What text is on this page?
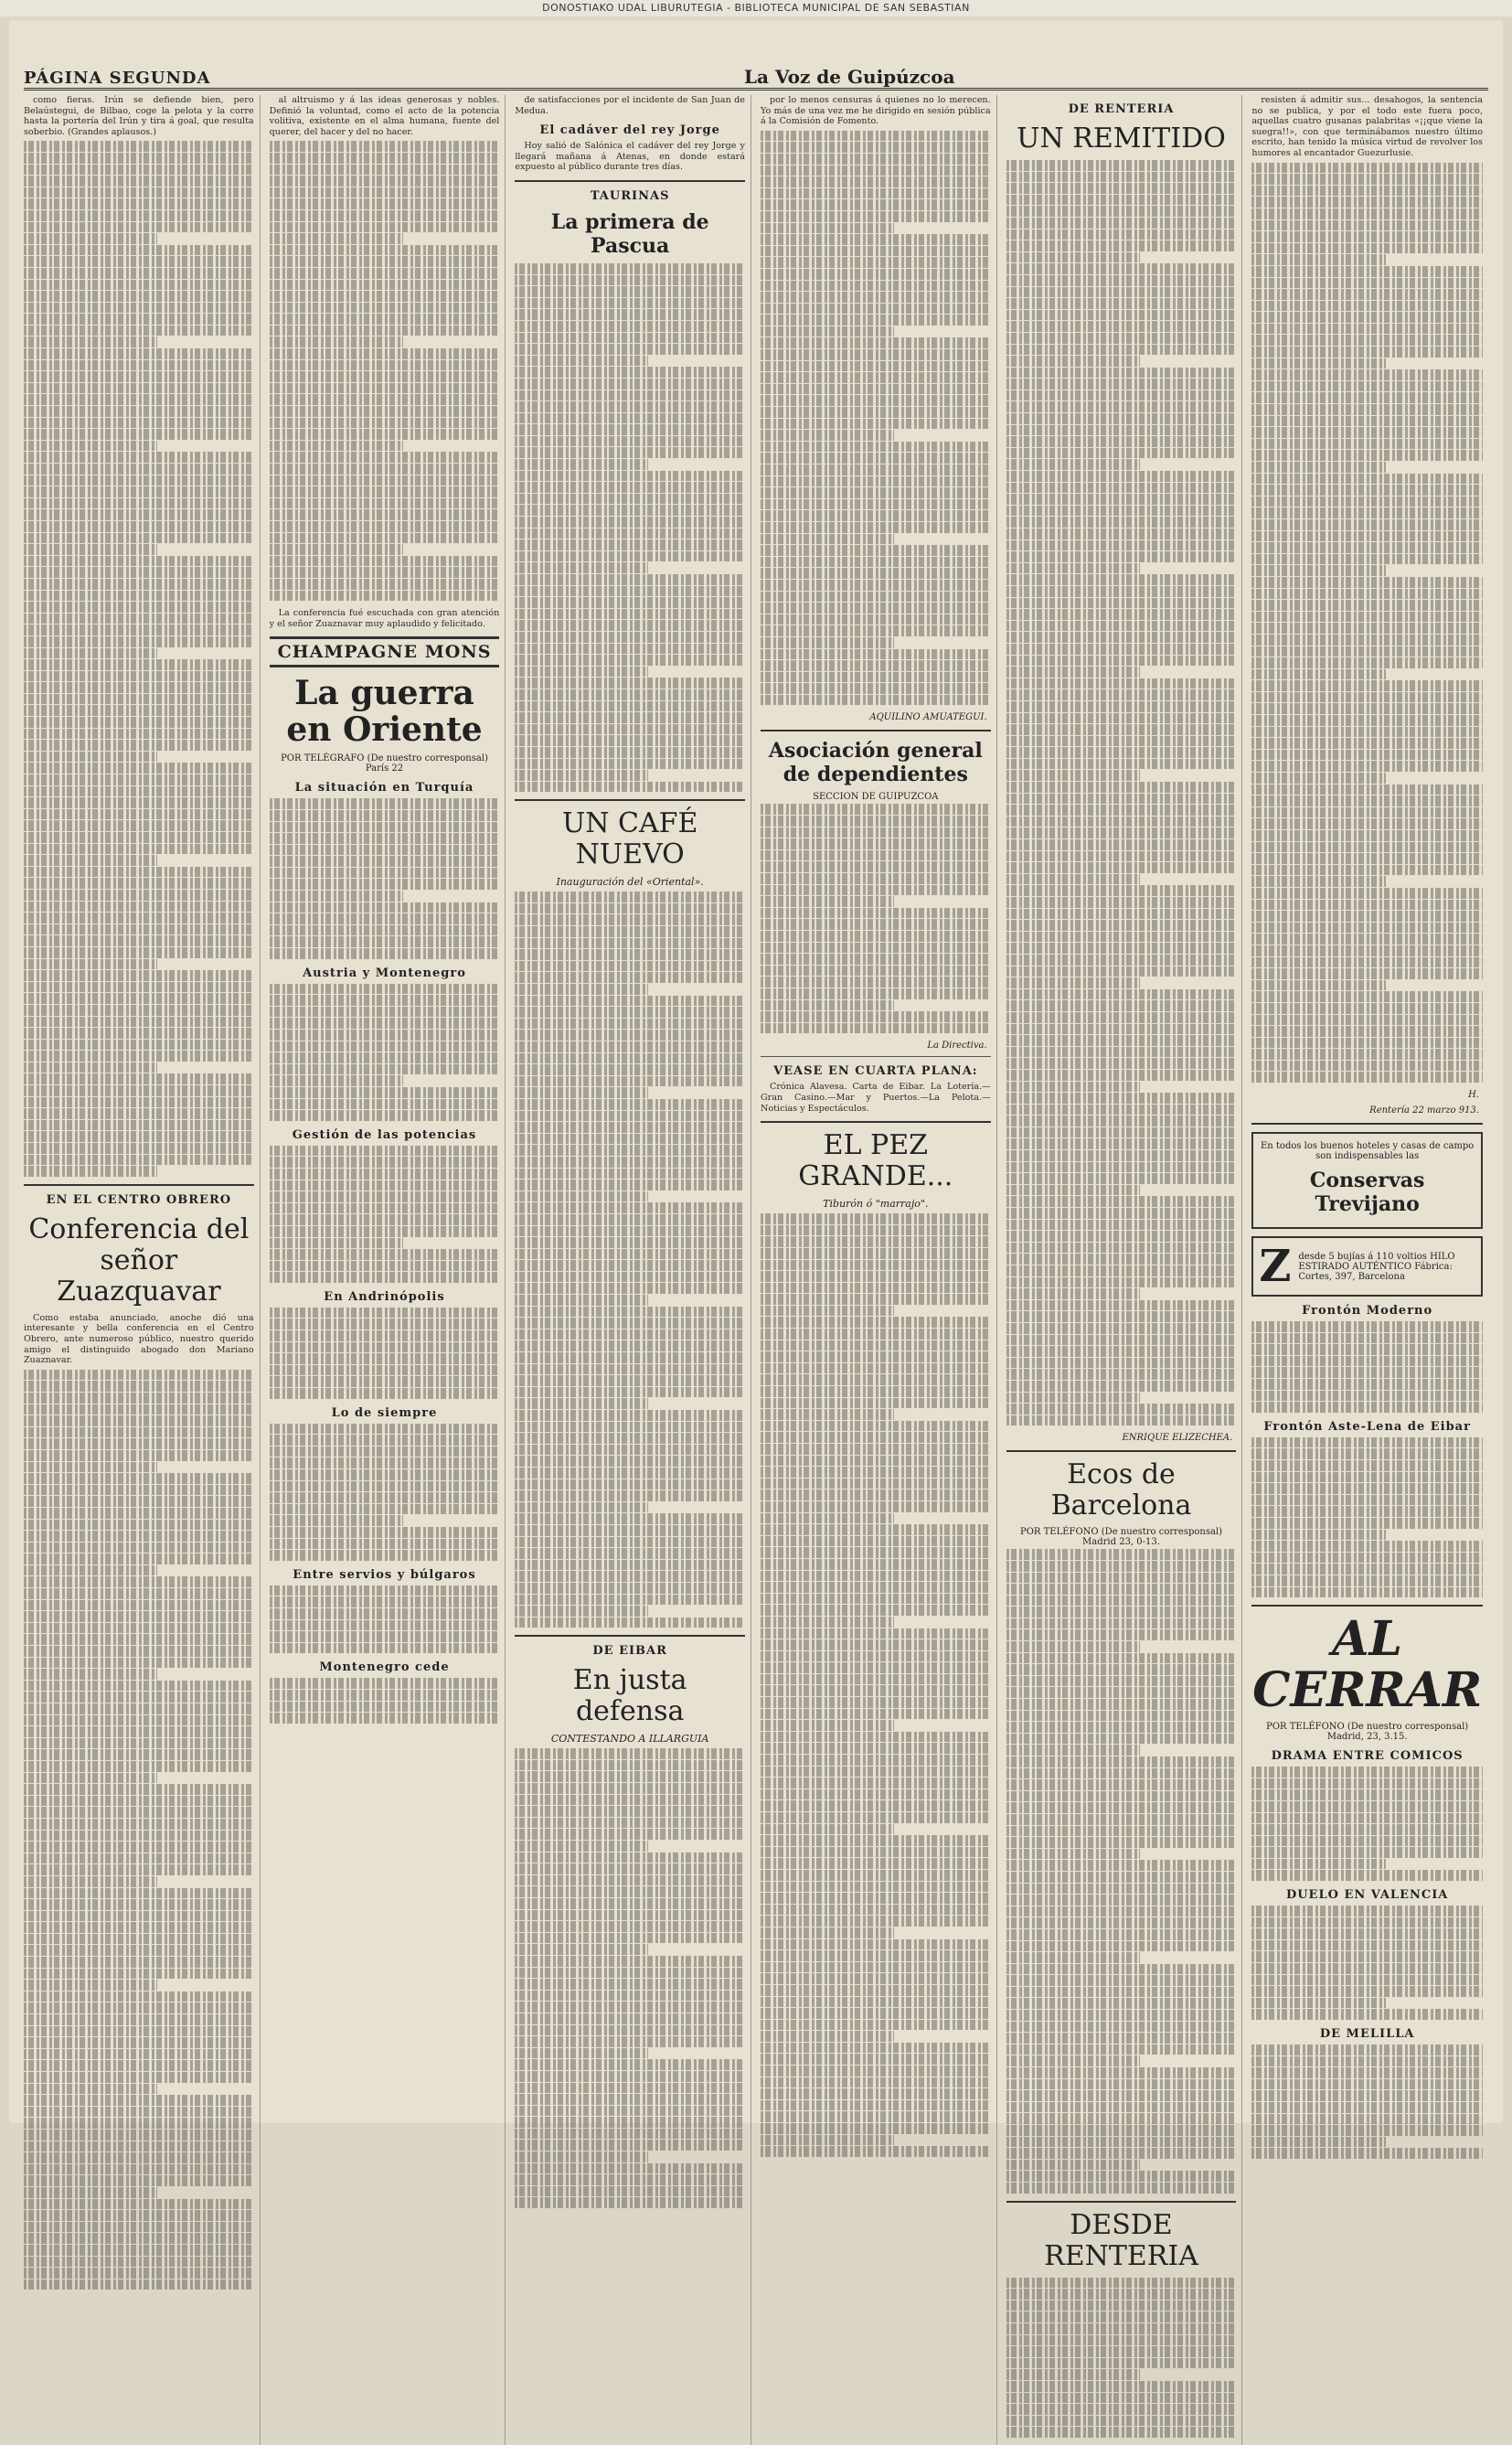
DONOSTIAKO UDAL LIBURUTEGIA - BIBLIOTECA MUNICIPAL DE SAN SEBASTIAN
PÁGINA SEGUNDA	La Voz de Guipúzcoa

como fieras. Irún se defiende bien, pero Belaústegui, de Bilbao, coge la pelota y la corre hasta la portería del Irún y tira á goal, que resulta soberbio. (Grandes aplausos.)

EN EL CENTRO OBRERO
Conferencia del señor Zuazquavar

Como estaba anunciado, anoche dió una interesante y bella conferencia en el Centro Obrero, ante numeroso público, nuestro querido amigo el distinguido abogado don Mariano Zuaznavar.

al altruismo y á las ideas generosas y nobles. Definió la voluntad, como el acto de la potencia volitiva, existente en el alma humana, fuente del querer, del hacer y del no hacer.

La conferencia fué escuchada con gran atención y el señor Zuaznavar muy aplaudido y felicitado.

CHAMPAGNE MONS
La guerra en Oriente
POR TELÉGRAFO (De nuestro corresponsal) París 22
La situación en Turquía
Austria y Montenegro
Gestión de las potencias
En Andrinópolis
Lo de siempre
Entre servios y búlgaros
Montenegro cede

de satisfacciones por el incidente de San Juan de Medua.

El cadáver del rey Jorge

Hoy salió de Salónica el cadáver del rey Jorge y llegará mañana á Atenas, en donde estará expuesto al público durante tres días.

TAURINAS
La primera de Pascua
UN CAFÉ NUEVO
Inauguración del «Oriental».
DE EIBAR
En justa defensa
CONTESTANDO A ILLARGUIA

por lo menos censuras á quienes no lo merecen. Yo más de una vez me he dirigido en sesión pública á la Comisión de Fomento.

AQUILINO AMUATEGUI.
Asociación general de dependientes
SECCION DE GUIPUZCOA
La Directiva.
VEASE EN CUARTA PLANA:

Crónica Alavesa. Carta de Eibar. La Lotería.—Gran Casino.—Mar y Puertos.—La Pelota.—Noticias y Espectáculos.

EL PEZ GRANDE...
Tiburón ó "marrajo".
DE RENTERIA
UN REMITIDO
ENRIQUE ELIZECHEA.
Ecos de Barcelona
POR TELÉFONO (De nuestro corresponsal) Madrid 23, 0-13.
DESDE RENTERIA

resisten á admitir sus... desahogos, la sentencia no se publica, y por el todo este fuera poco, aquellas cuatro gusanas palabritas «¡¡que viene la suegra!!», con que terminábamos nuestro último escrito, han tenido la música virtud de revolver los humores al encantador Guezurlusie.

H.
Rentería 22 marzo 913.
En todos los buenos hoteles y casas de campo son indispensables las
Conservas Trevijano
Z desde 5 bujías á 110 voltios HILO ESTIRADO AUTÉNTICO Fábrica: Cortes, 397, Barcelona
Frontón Moderno
Frontón Aste-Lena de Eibar
AL CERRAR
POR TELÉFONO (De nuestro corresponsal) Madrid, 23, 3.15.
DRAMA ENTRE COMICOS
DUELO EN VALENCIA
DE MELILLA
